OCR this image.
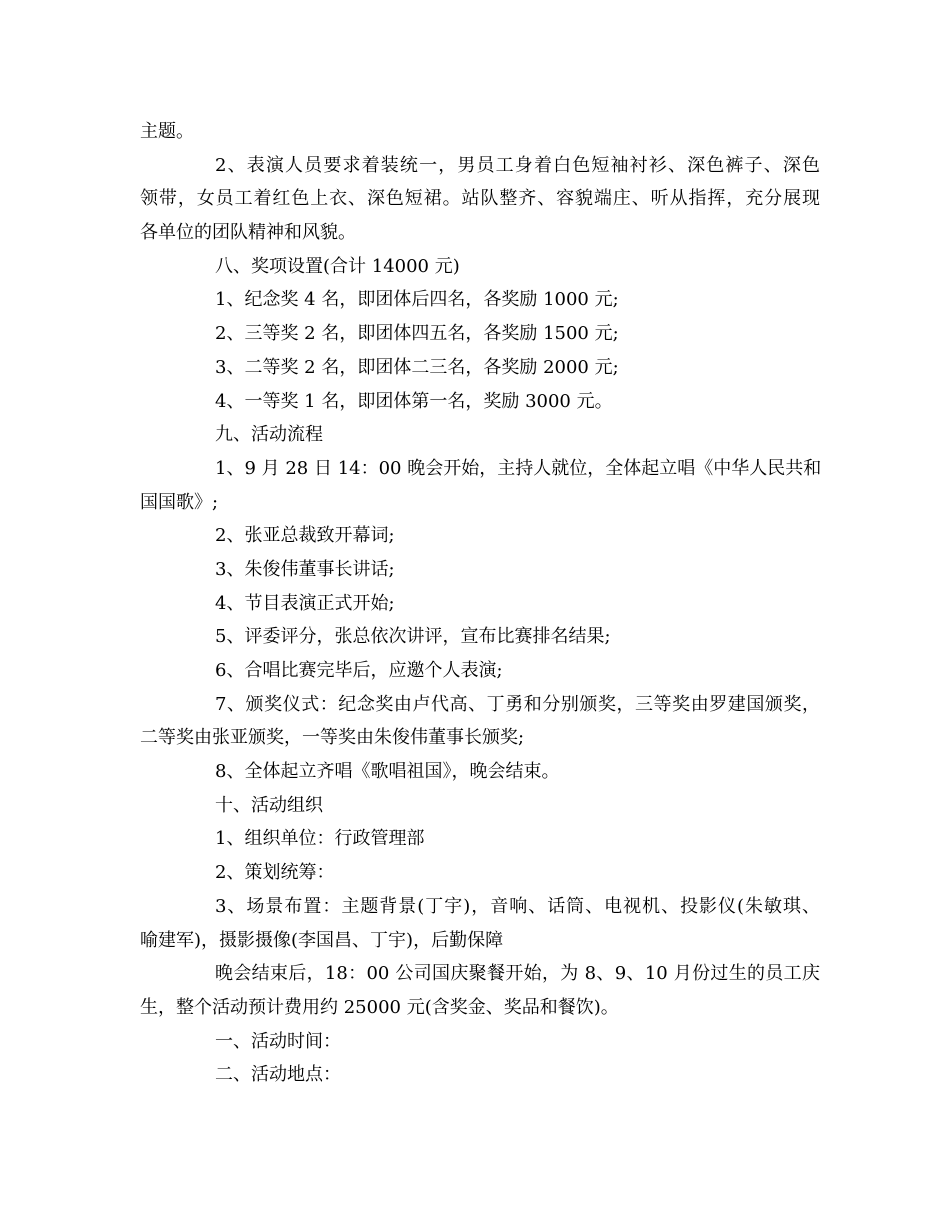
主题。
2、表演人员要求着装统一，男员工身着白色短袖衬衫、深色裤子、深色
领带，女员工着红色上衣、深色短裙。站队整齐、容貌端庄、听从指挥，充分展现
各单位的团队精神和风貌。
八、奖项设置(合计 14000 元)
1、纪念奖 4 名，即团体后四名，各奖励 1000 元;
2、三等奖 2 名，即团体四五名，各奖励 1500 元;
3、二等奖 2 名，即团体二三名，各奖励 2000 元;
4、一等奖 1 名，即团体第一名，奖励 3000 元。
九、活动流程
1、9 月 28 日 14：00 晚会开始，主持人就位，全体起立唱《中华人民共和
国国歌》;
2、张亚总裁致开幕词;
3、朱俊伟董事长讲话;
4、节目表演正式开始;
5、评委评分，张总依次讲评，宣布比赛排名结果;
6、合唱比赛完毕后，应邀个人表演;
7、颁奖仪式：纪念奖由卢代高、丁勇和分别颁奖，三等奖由罗建国颁奖，
二等奖由张亚颁奖，一等奖由朱俊伟董事长颁奖;
8、全体起立齐唱《歌唱祖国》，晚会结束。
十、活动组织
1、组织单位：行政管理部
2、策划统筹：
3、场景布置：主题背景(丁宇)，音响、话筒、电视机、投影仪(朱敏琪、
喻建军)，摄影摄像(李国昌、丁宇)，后勤保障
晚会结束后，18：00 公司国庆聚餐开始，为 8、9、10 月份过生的员工庆
生，整个活动预计费用约 25000 元(含奖金、奖品和餐饮)。
一、活动时间：
二、活动地点：
